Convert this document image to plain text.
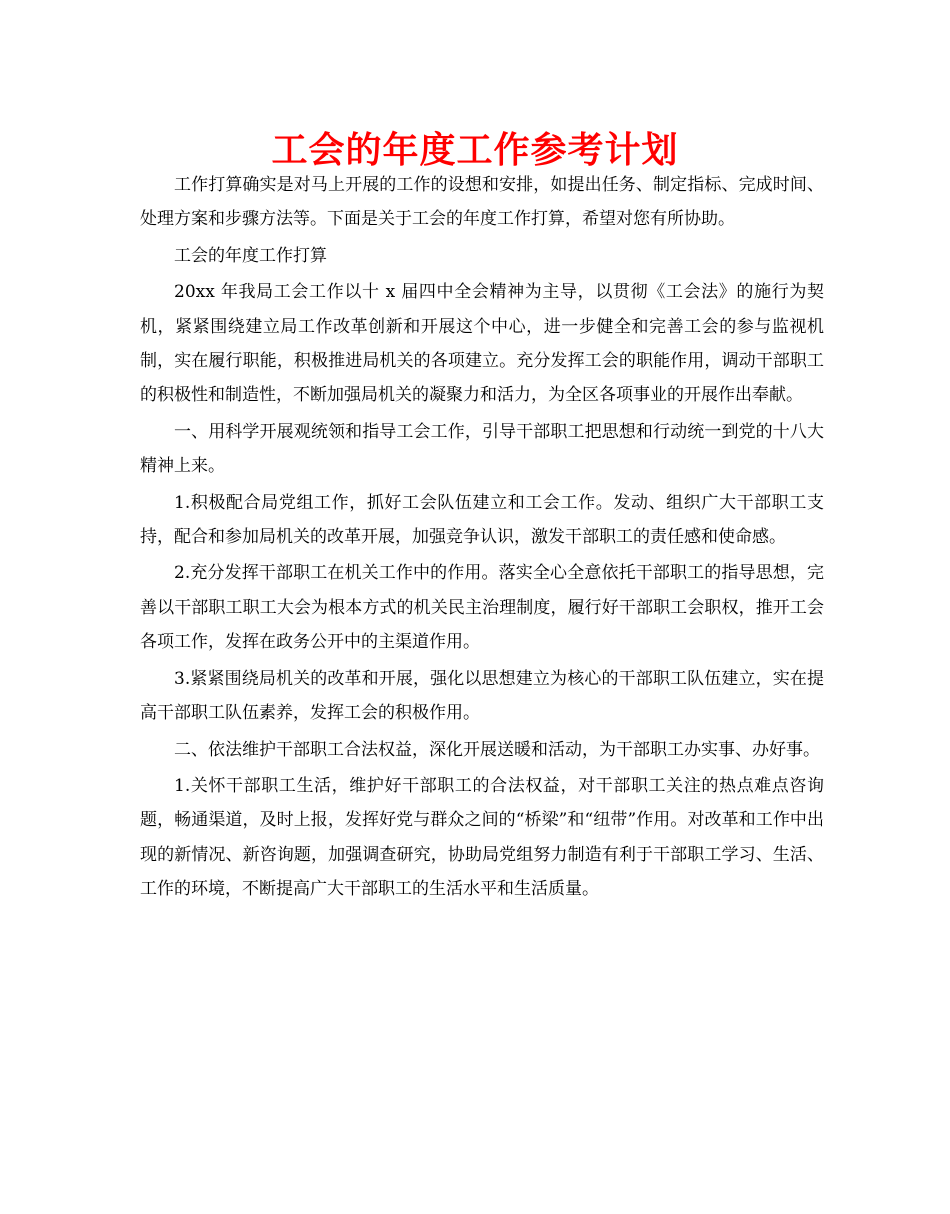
工会的年度工作参考计划

工作打算确实是对马上开展的工作的设想和安排，如提出任务、制定指标、完成时间、处理方案和步骤方法等。下面是关于工会的年度工作打算，希望对您有所协助。

工会的年度工作打算

20xx 年我局工会工作以十 x 届四中全会精神为主导，以贯彻《工会法》的施行为契机，紧紧围绕建立局工作改革创新和开展这个中心，进一步健全和完善工会的参与监视机制，实在履行职能，积极推进局机关的各项建立。充分发挥工会的职能作用，调动干部职工的积极性和制造性，不断加强局机关的凝聚力和活力，为全区各项事业的开展作出奉献。

一、用科学开展观统领和指导工会工作，引导干部职工把思想和行动统一到党的十八大精神上来。

1.积极配合局党组工作，抓好工会队伍建立和工会工作。发动、组织广大干部职工支持，配合和参加局机关的改革开展，加强竞争认识，激发干部职工的责任感和使命感。

2.充分发挥干部职工在机关工作中的作用。落实全心全意依托干部职工的指导思想，完善以干部职工职工大会为根本方式的机关民主治理制度，履行好干部职工会职权，推开工会各项工作，发挥在政务公开中的主渠道作用。

3.紧紧围绕局机关的改革和开展，强化以思想建立为核心的干部职工队伍建立，实在提高干部职工队伍素养，发挥工会的积极作用。

二、依法维护干部职工合法权益，深化开展送暖和活动，为干部职工办实事、办好事。

1.关怀干部职工生活，维护好干部职工的合法权益，对干部职工关注的热点难点咨询题，畅通渠道，及时上报，发挥好党与群众之间的“桥梁”和“纽带”作用。对改革和工作中出现的新情况、新咨询题，加强调查研究，协助局党组努力制造有利于干部职工学习、生活、工作的环境，不断提高广大干部职工的生活水平和生活质量。
